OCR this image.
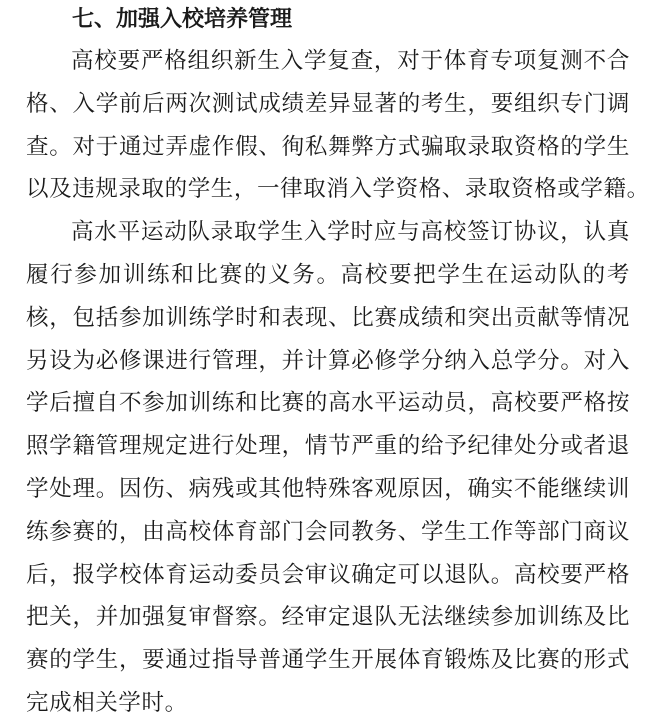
七、加强入校培养管理
高校要严格组织新生入学复查，对于体育专项复测不合
格、入学前后两次测试成绩差异显著的考生，要组织专门调
查。对于通过弄虚作假、徇私舞弊方式骗取录取资格的学生
以及违规录取的学生，一律取消入学资格、录取资格或学籍。
高水平运动队录取学生入学时应与高校签订协议，认真
履行参加训练和比赛的义务。高校要把学生在运动队的考
核，包括参加训练学时和表现、比赛成绩和突出贡献等情况
另设为必修课进行管理，并计算必修学分纳入总学分。对入
学后擅自不参加训练和比赛的高水平运动员，高校要严格按
照学籍管理规定进行处理，情节严重的给予纪律处分或者退
学处理。因伤、病残或其他特殊客观原因，确实不能继续训
练参赛的，由高校体育部门会同教务、学生工作等部门商议
后，报学校体育运动委员会审议确定可以退队。高校要严格
把关，并加强复审督察。经审定退队无法继续参加训练及比
赛的学生，要通过指导普通学生开展体育锻炼及比赛的形式
完成相关学时。
